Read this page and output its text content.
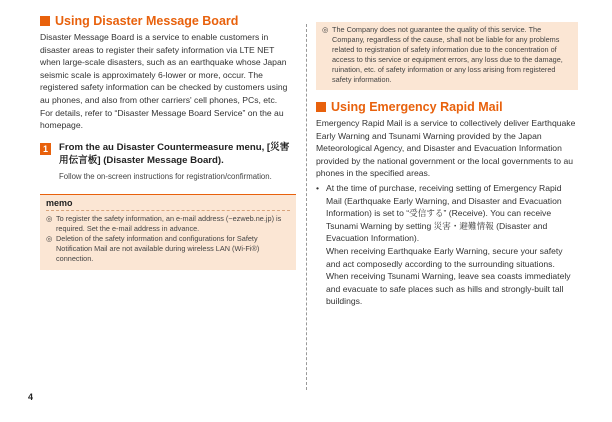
Using Disaster Message Board

Disaster Message Board is a service to enable customers in disaster areas to register their safety information via LTE NET when large-scale disasters, such as an earthquake whose Japan seismic scale is approximately 6-lower or more, occur. The registered safety information can be checked by customers using au phones, and also from other carriers' cell phones, PCs, etc.

For details, refer to “Disaster Message Board Service” on the au homepage.

1	From the au Disaster Countermeasure menu, [災害用伝言板] (Disaster Message Board).

Follow the on-screen instructions for registration/confirmation.

memo
◎ To register the safety information, an e-mail address (~ezweb.ne.jp) is required. Set the e-mail address in advance.
◎ Deletion of the safety information and configurations for Safety Notification Mail are not available during wireless LAN (Wi-Fi®) connection.
◎ The Company does not guarantee the quality of this service. The Company, regardless of the cause, shall not be liable for any problems related to registration of safety information due to the concentration of access to this service or equipment errors, any loss due to the damage, ruination, etc. of safety information or any loss arising from registered safety information.
Using Emergency Rapid Mail

Emergency Rapid Mail is a service to collectively deliver Earthquake Early Warning and Tsunami Warning provided by the Japan Meteorological Agency, and Disaster and Evacuation Information provided by the national government or the local governments to au phones in the specified areas.

• At the time of purchase, receiving setting of Emergency Rapid Mail (Earthquake Early Warning, and Disaster and Evacuation Information) is set to “受信する” (Receive). You can receive Tsunami Warning by setting 災害・避難情報 (Disaster and Evacuation Information).

When receiving Earthquake Early Warning, secure your safety and act composedly according to the surrounding situations.

When receiving Tsunami Warning, leave sea coasts immediately and evacuate to safe places such as hills and strongly-built tall buildings.

4
